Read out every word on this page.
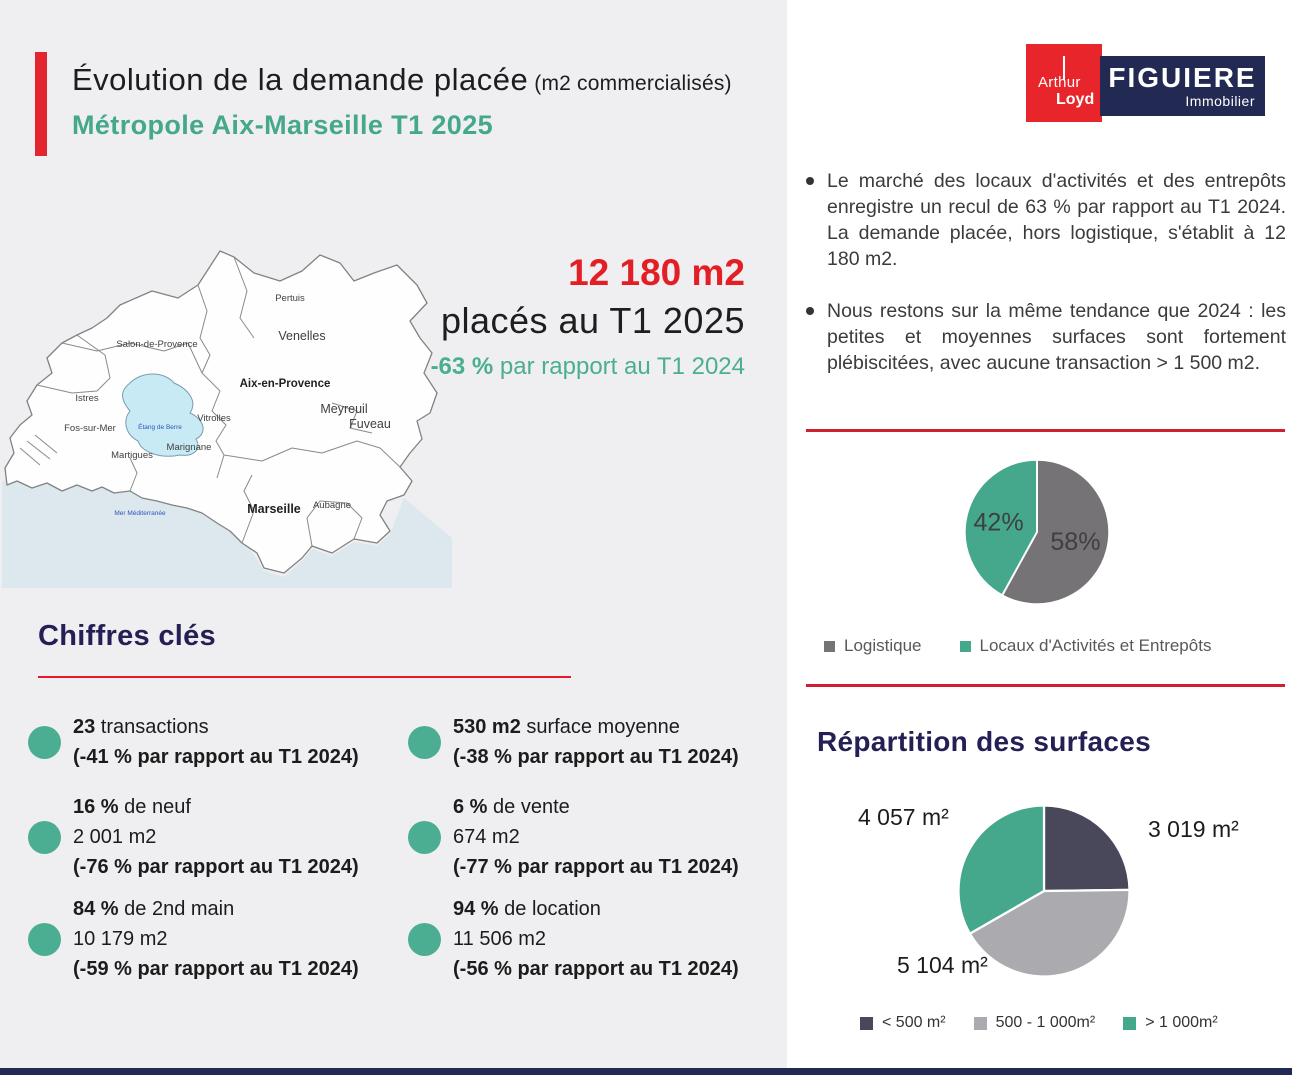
Évolution de la demande placée (m2 commercialisés)
Métropole Aix-Marseille T1 2025
Arthur
Loyd
FIGUIERE
Immobilier
Pertuis
Venelles
Salon-de-Provence
Aix-en-Provence
Istres
Meyreuil
Vitrolles	Fuveau
Fos-sur-Mer	Étang de Berre
Marignane
Martigues
Marseille Aubagne
Mer Méditerranée
12 180 m2
placés au T1 2025
-63 % par rapport au T1 2024

Le marché des locaux d'activités et des entrepôts enregistre un recul de 63 % par rapport au T1 2024. La demande placée, hors logistique, s'établit à 12 180 m2.

Nous restons sur la même tendance que 2024 : les petites et moyennes surfaces sont fortement plébiscitées, avec aucune transaction > 1 500 m2.

58%
42%
Logistique	Locaux d'Activités et Entrepôts
Chiffres clés
23 transactions
(-41 % par rapport au T1 2024)
16 % de neuf
2 001 m2
(-76 % par rapport au T1 2024)
84 % de 2nd main
10 179 m2
(-59 % par rapport au T1 2024)
530 m2 surface moyenne
(-38 % par rapport au T1 2024)
6 % de vente
674 m2
(-77 % par rapport au T1 2024)
94 % de location
11 506 m2
(-56 % par rapport au T1 2024)
Répartition des surfaces
4 057 m²	3 019 m²
5 104 m²
< 500 m²	500 - 1 000m²	> 1 000m²
